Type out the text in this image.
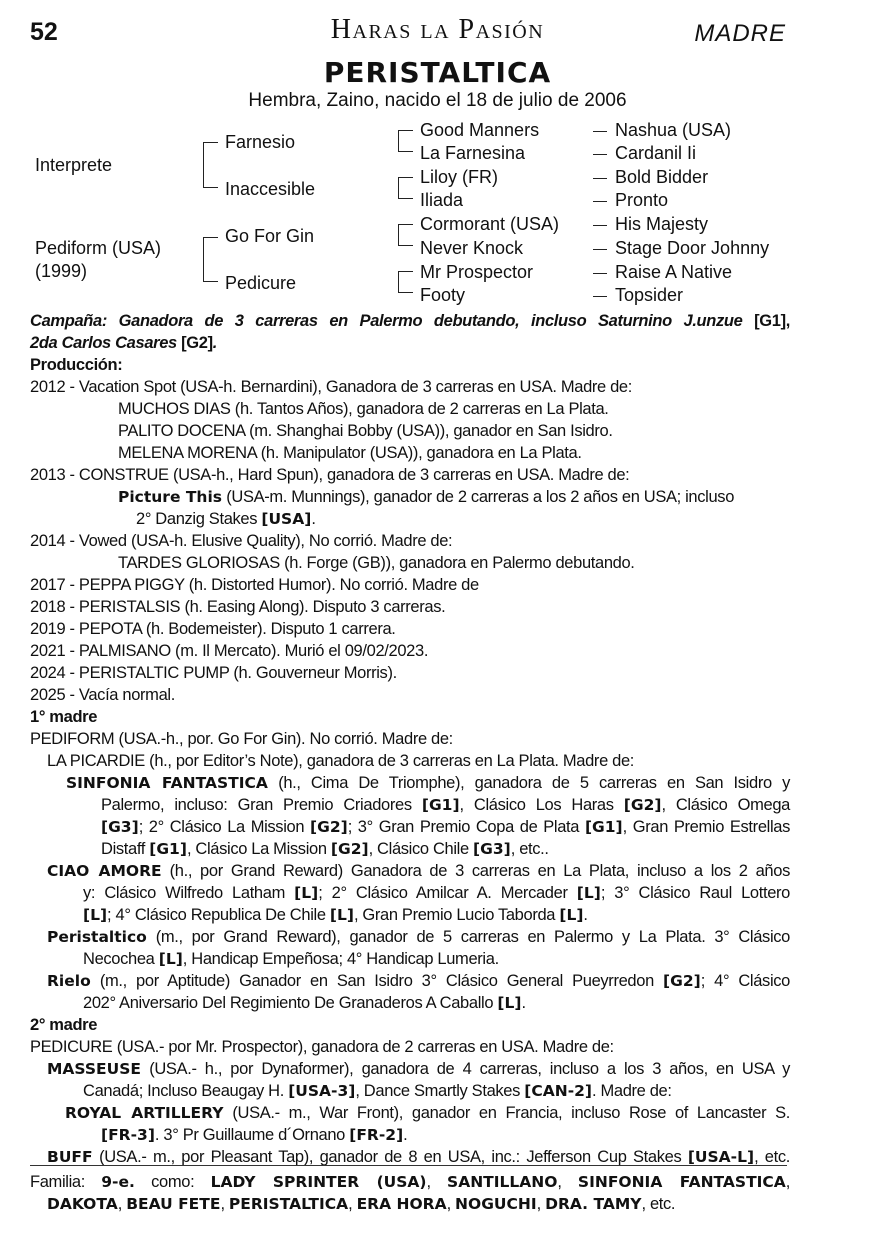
52	Haras la Pasión	MADRE
PERISTALTICA
Hembra, Zaino, nacido el 18 de julio de 2006
Interprete
Pediform (USA)
(1999)
Farnesio
Inaccesible
Go For Gin
Pedicure
Good Manners
La Farnesina
Liloy (FR)
Iliada
Cormorant (USA)
Never Knock
Mr Prospector
Footy
Nashua (USA)
Cardanil Ii
Bold Bidder
Pronto
His Majesty
Stage Door Johnny
Raise A Native
Topsider
Campaña: Ganadora de 3 carreras en Palermo debutando, incluso Saturnino J.unzue [G1],
2da Carlos Casares [G2].
Producción:
2012 - Vacation Spot (USA-h. Bernardini), Ganadora de 3 carreras en USA. Madre de:
MUCHOS DIAS (h. Tantos Años), ganadora de 2 carreras en La Plata.
PALITO DOCENA (m. Shanghai Bobby (USA)), ganador en San Isidro.
MELENA MORENA (h. Manipulator (USA)), ganadora en La Plata.
2013 - CONSTRUE (USA-h., Hard Spun), ganadora de 3 carreras en USA. Madre de:
Picture This (USA-m. Munnings), ganador de 2 carreras a los 2 años en USA; incluso
2° Danzig Stakes [USA].
2014 - Vowed (USA-h. Elusive Quality), No corrió. Madre de:
TARDES GLORIOSAS (h. Forge (GB)), ganadora en Palermo debutando.
2017 - PEPPA PIGGY (h. Distorted Humor). No corrió. Madre de
2018 - PERISTALSIS (h. Easing Along). Disputo 3 carreras.
2019 - PEPOTA (h. Bodemeister). Disputo 1 carrera.
2021 - PALMISANO (m. Il Mercato). Murió el 09/02/2023.
2024 - PERISTALTIC PUMP (h. Gouverneur Morris).
2025 - Vacía normal.
1° madre
PEDIFORM (USA.-h., por. Go For Gin). No corrió. Madre de:
LA PICARDIE (h., por Editor’s Note), ganadora de 3 carreras en La Plata. Madre de:
SINFONIA FANTASTICA (h., Cima De Triomphe), ganadora de 5 carreras en San Isidro y
Palermo, incluso: Gran Premio Criadores [G1], Clásico Los Haras [G2], Clásico Omega
[G3]; 2° Clásico La Mission [G2]; 3° Gran Premio Copa de Plata [G1], Gran Premio Estrellas
Distaff [G1], Clásico La Mission [G2], Clásico Chile [G3], etc..
CIAO AMORE (h., por Grand Reward) Ganadora de 3 carreras en La Plata, incluso a los 2 años
y: Clásico Wilfredo Latham [L]; 2° Clásico Amilcar A. Mercader [L]; 3° Clásico Raul Lottero
[L]; 4° Clásico Republica De Chile [L], Gran Premio Lucio Taborda [L].
Peristaltico (m., por Grand Reward), ganador de 5 carreras en Palermo y La Plata. 3° Clásico
Necochea [L], Handicap Empeñosa; 4° Handicap Lumeria.
Rielo (m., por Aptitude) Ganador en San Isidro 3° Clásico General Pueyrredon [G2]; 4° Clásico
202° Aniversario Del Regimiento De Granaderos A Caballo [L].
2° madre
PEDICURE (USA.- por Mr. Prospector), ganadora de 2 carreras en USA. Madre de:
MASSEUSE (USA.- h., por Dynaformer), ganadora de 4 carreras, incluso a los 3 años, en USA y
Canadá; Incluso Beaugay H. [USA-3], Dance Smartly Stakes [CAN-2]. Madre de:
ROYAL ARTILLERY (USA.- m., War Front), ganador en Francia, incluso Rose of Lancaster S.
[FR-3]. 3° Pr Guillaume d´Ornano [FR-2].
BUFF (USA.- m., por Pleasant Tap), ganador de 8 en USA, inc.: Jefferson Cup Stakes [USA-L], etc.
Familia: 9-e. como: LADY SPRINTER (USA), SANTILLANO, SINFONIA FANTASTICA,
DAKOTA, BEAU FETE, PERISTALTICA, ERA HORA, NOGUCHI, DRA. TAMY, etc.
